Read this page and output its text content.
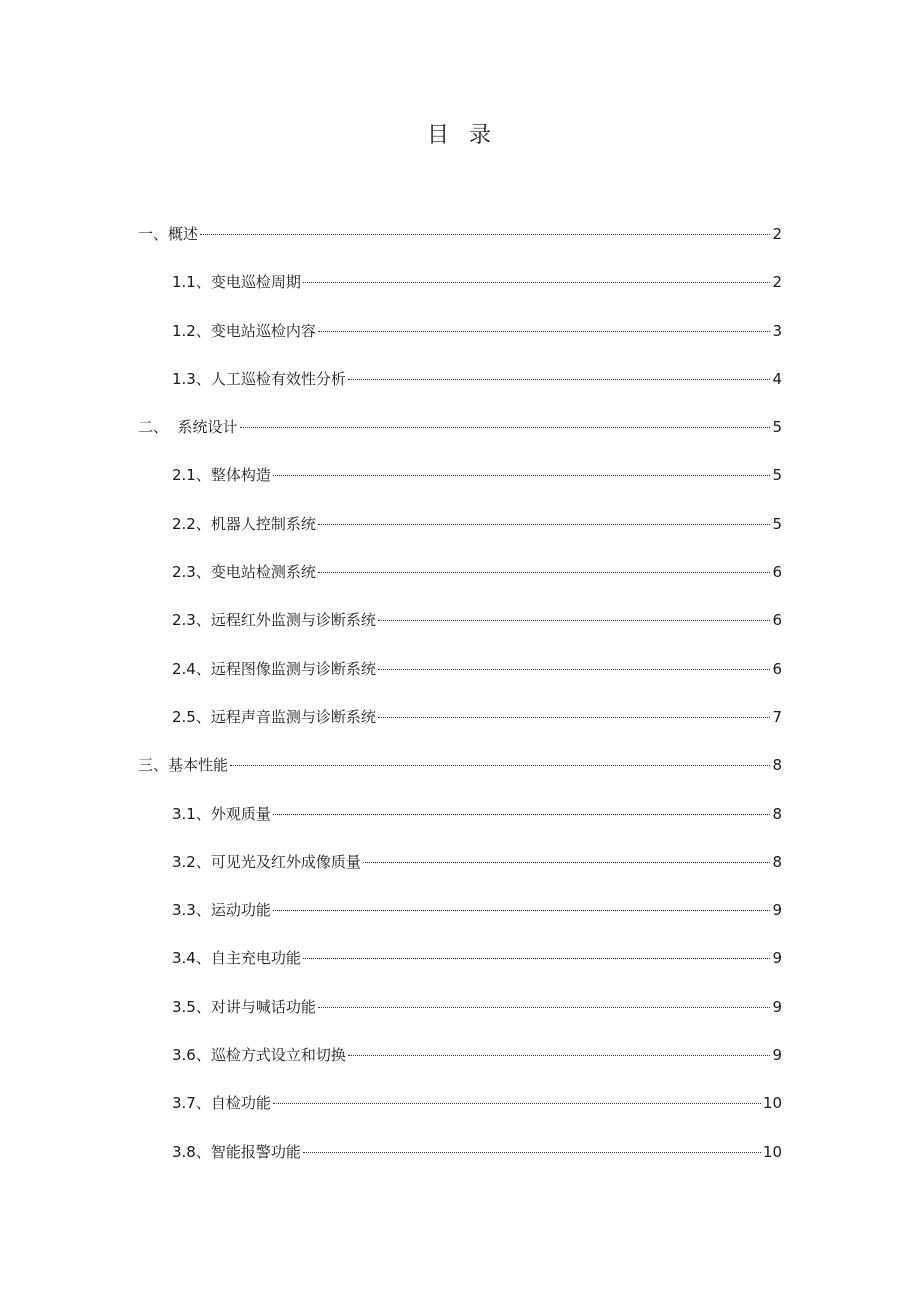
目  录
一、概述	2
1.1、变电巡检周期	2
1.2、变电站巡检内容	3
1.3、人工巡检有效性分析	4
二、  系统设计	5
2.1、整体构造	5
2.2、机器人控制系统	5
2.3、变电站检测系统	6
2.3、远程红外监测与诊断系统	6
2.4、远程图像监测与诊断系统	6
2.5、远程声音监测与诊断系统	7
三、基本性能	8
3.1、外观质量	8
3.2、可见光及红外成像质量	8
3.3、运动功能	9
3.4、自主充电功能	9
3.5、对讲与喊话功能	9
3.6、巡检方式设立和切换	9
3.7、自检功能	10
3.8、智能报警功能	10
